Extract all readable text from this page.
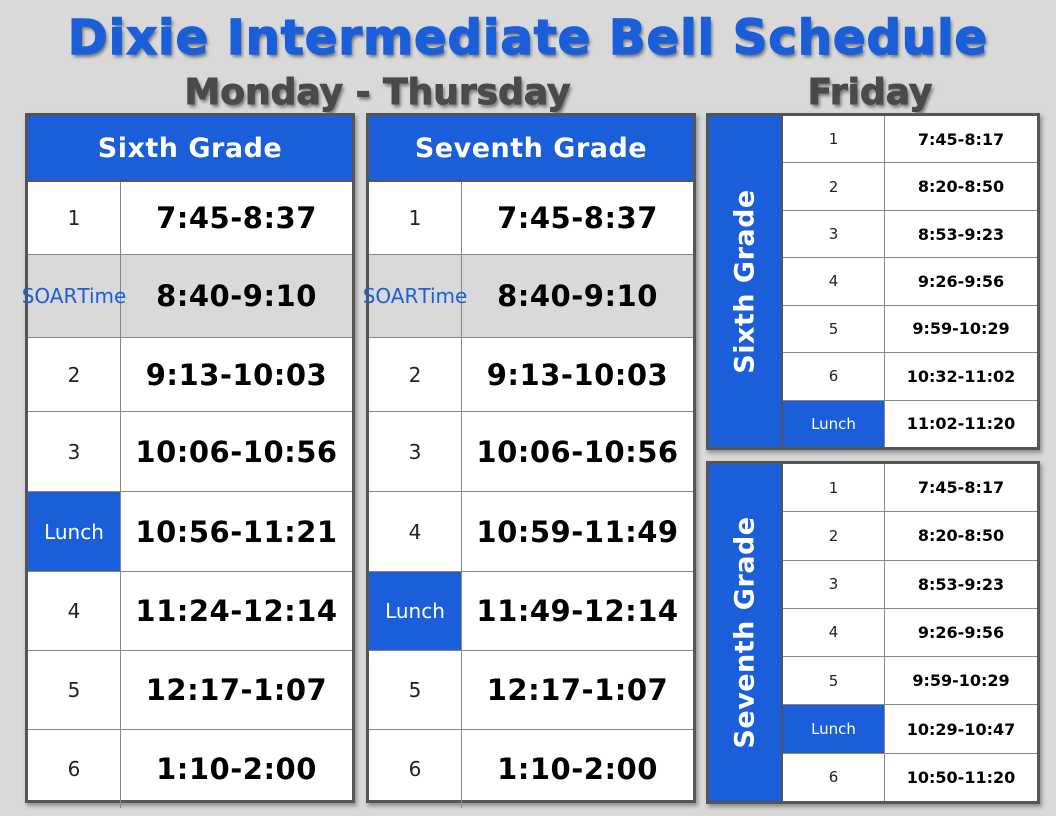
Dixie Intermediate Bell Schedule
Monday - Thursday	Friday
Sixth Grade
1	7:45-8:37
SOAR Time	8:40-9:10
2	9:13-10:03
3	10:06-10:56
Lunch	10:56-11:21
4	11:24-12:14
5	12:17-1:07
6	1:10-2:00
Seventh Grade
1	7:45-8:37
SOAR Time	8:40-9:10
2	9:13-10:03
3	10:06-10:56
4	10:59-11:49
Lunch	11:49-12:14
5	12:17-1:07
6	1:10-2:00
Sixth Grade
1	7:45-8:17
2	8:20-8:50
3	8:53-9:23
4	9:26-9:56
5	9:59-10:29
6	10:32-11:02
Lunch	11:02-11:20
Seventh Grade
1	7:45-8:17
2	8:20-8:50
3	8:53-9:23
4	9:26-9:56
5	9:59-10:29
Lunch	10:29-10:47
6	10:50-11:20
